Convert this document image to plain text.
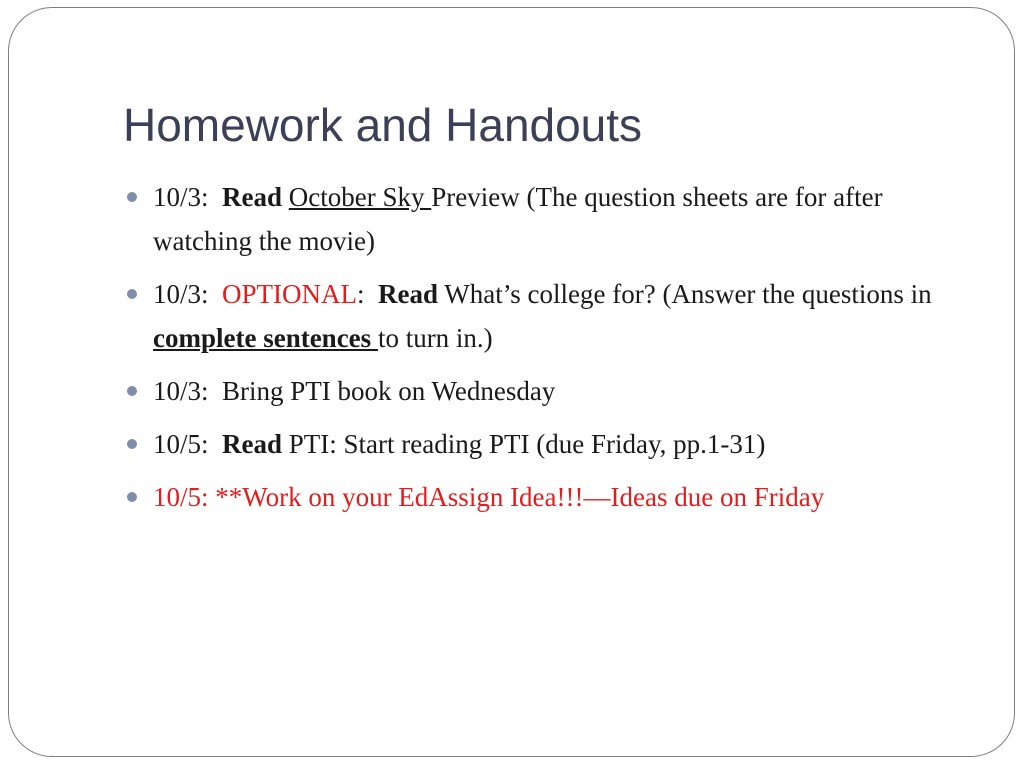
Homework and Handouts
10/3: Read October Sky Preview (The question sheets are for after watching the movie)
10/3: OPTIONAL: Read What’s college for? (Answer the questions in complete sentences to turn in.)
10/3: Bring PTI book on Wednesday
10/5: Read PTI: Start reading PTI (due Friday, pp.1-31)
10/5: **Work on your EdAssign Idea!!!—Ideas due on Friday
